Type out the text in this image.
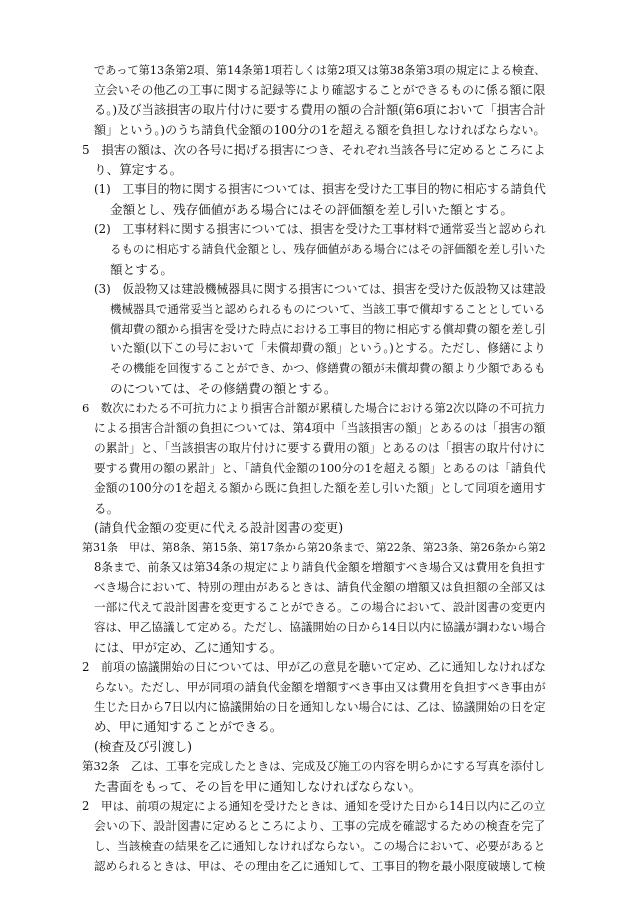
であって第13条第2項、第14条第1項若しくは第2項又は第38条第3項の規定による検査、
立会いその他乙の工事に関する記録等により確認することができるものに係る額に限
る。)及び当該損害の取片付けに要する費用の額の合計額(第6項において「損害合計
額」という。)のうち請負代金額の100分の1を超える額を負担しなければならない。
5　損害の額は、次の各号に掲げる損害につき、それぞれ当該各号に定めるところによ
り、算定する。
(1)　工事目的物に関する損害については、損害を受けた工事目的物に相応する請負代
金額とし、残存価値がある場合にはその評価額を差し引いた額とする。
(2)　工事材料に関する損害については、損害を受けた工事材料で通常妥当と認められ
るものに相応する請負代金額とし、残存価値がある場合にはその評価額を差し引いた
額とする。
(3)　仮設物又は建設機械器具に関する損害については、損害を受けた仮設物又は建設
機械器具で通常妥当と認められるものについて、当該工事で償却することとしている
償却費の額から損害を受けた時点における工事目的物に相応する償却費の額を差し引
いた額(以下この号において「未償却費の額」という。)とする。ただし、修繕により
その機能を回復することができ、かつ、修繕費の額が未償却費の額より少額であるも
のについては、その修繕費の額とする。
6　数次にわたる不可抗力により損害合計額が累積した場合における第2次以降の不可抗力
による損害合計額の負担については、第4項中「当該損害の額」とあるのは「損害の額
の累計」と、「当該損害の取片付けに要する費用の額」とあるのは「損害の取片付けに
要する費用の額の累計」と、「請負代金額の100分の1を超える額」とあるのは「請負代
金額の100分の1を超える額から既に負担した額を差し引いた額」として同項を適用す
る。
(請負代金額の変更に代える設計図書の変更)
第31条　甲は、第8条、第15条、第17条から第20条まで、第22条、第23条、第26条から第2
8条まで、前条又は第34条の規定により請負代金額を増額すべき場合又は費用を負担す
べき場合において、特別の理由があるときは、請負代金額の増額又は負担額の全部又は
一部に代えて設計図書を変更することができる。この場合において、設計図書の変更内
容は、甲乙協議して定める。ただし、協議開始の日から14日以内に協議が調わない場合
には、甲が定め、乙に通知する。
2　前項の協議開始の日については、甲が乙の意見を聴いて定め、乙に通知しなければな
らない。ただし、甲が同項の請負代金額を増額すべき事由又は費用を負担すべき事由が
生じた日から7日以内に協議開始の日を通知しない場合には、乙は、協議開始の日を定
め、甲に通知することができる。
(検査及び引渡し)
第32条　乙は、工事を完成したときは、完成及び施工の内容を明らかにする写真を添付し
た書面をもって、その旨を甲に通知しなければならない。
2　甲は、前項の規定による通知を受けたときは、通知を受けた日から14日以内に乙の立
会いの下、設計図書に定めるところにより、工事の完成を確認するための検査を完了
し、当該検査の結果を乙に通知しなければならない。この場合において、必要があると
認められるときは、甲は、その理由を乙に通知して、工事目的物を最小限度破壊して検
